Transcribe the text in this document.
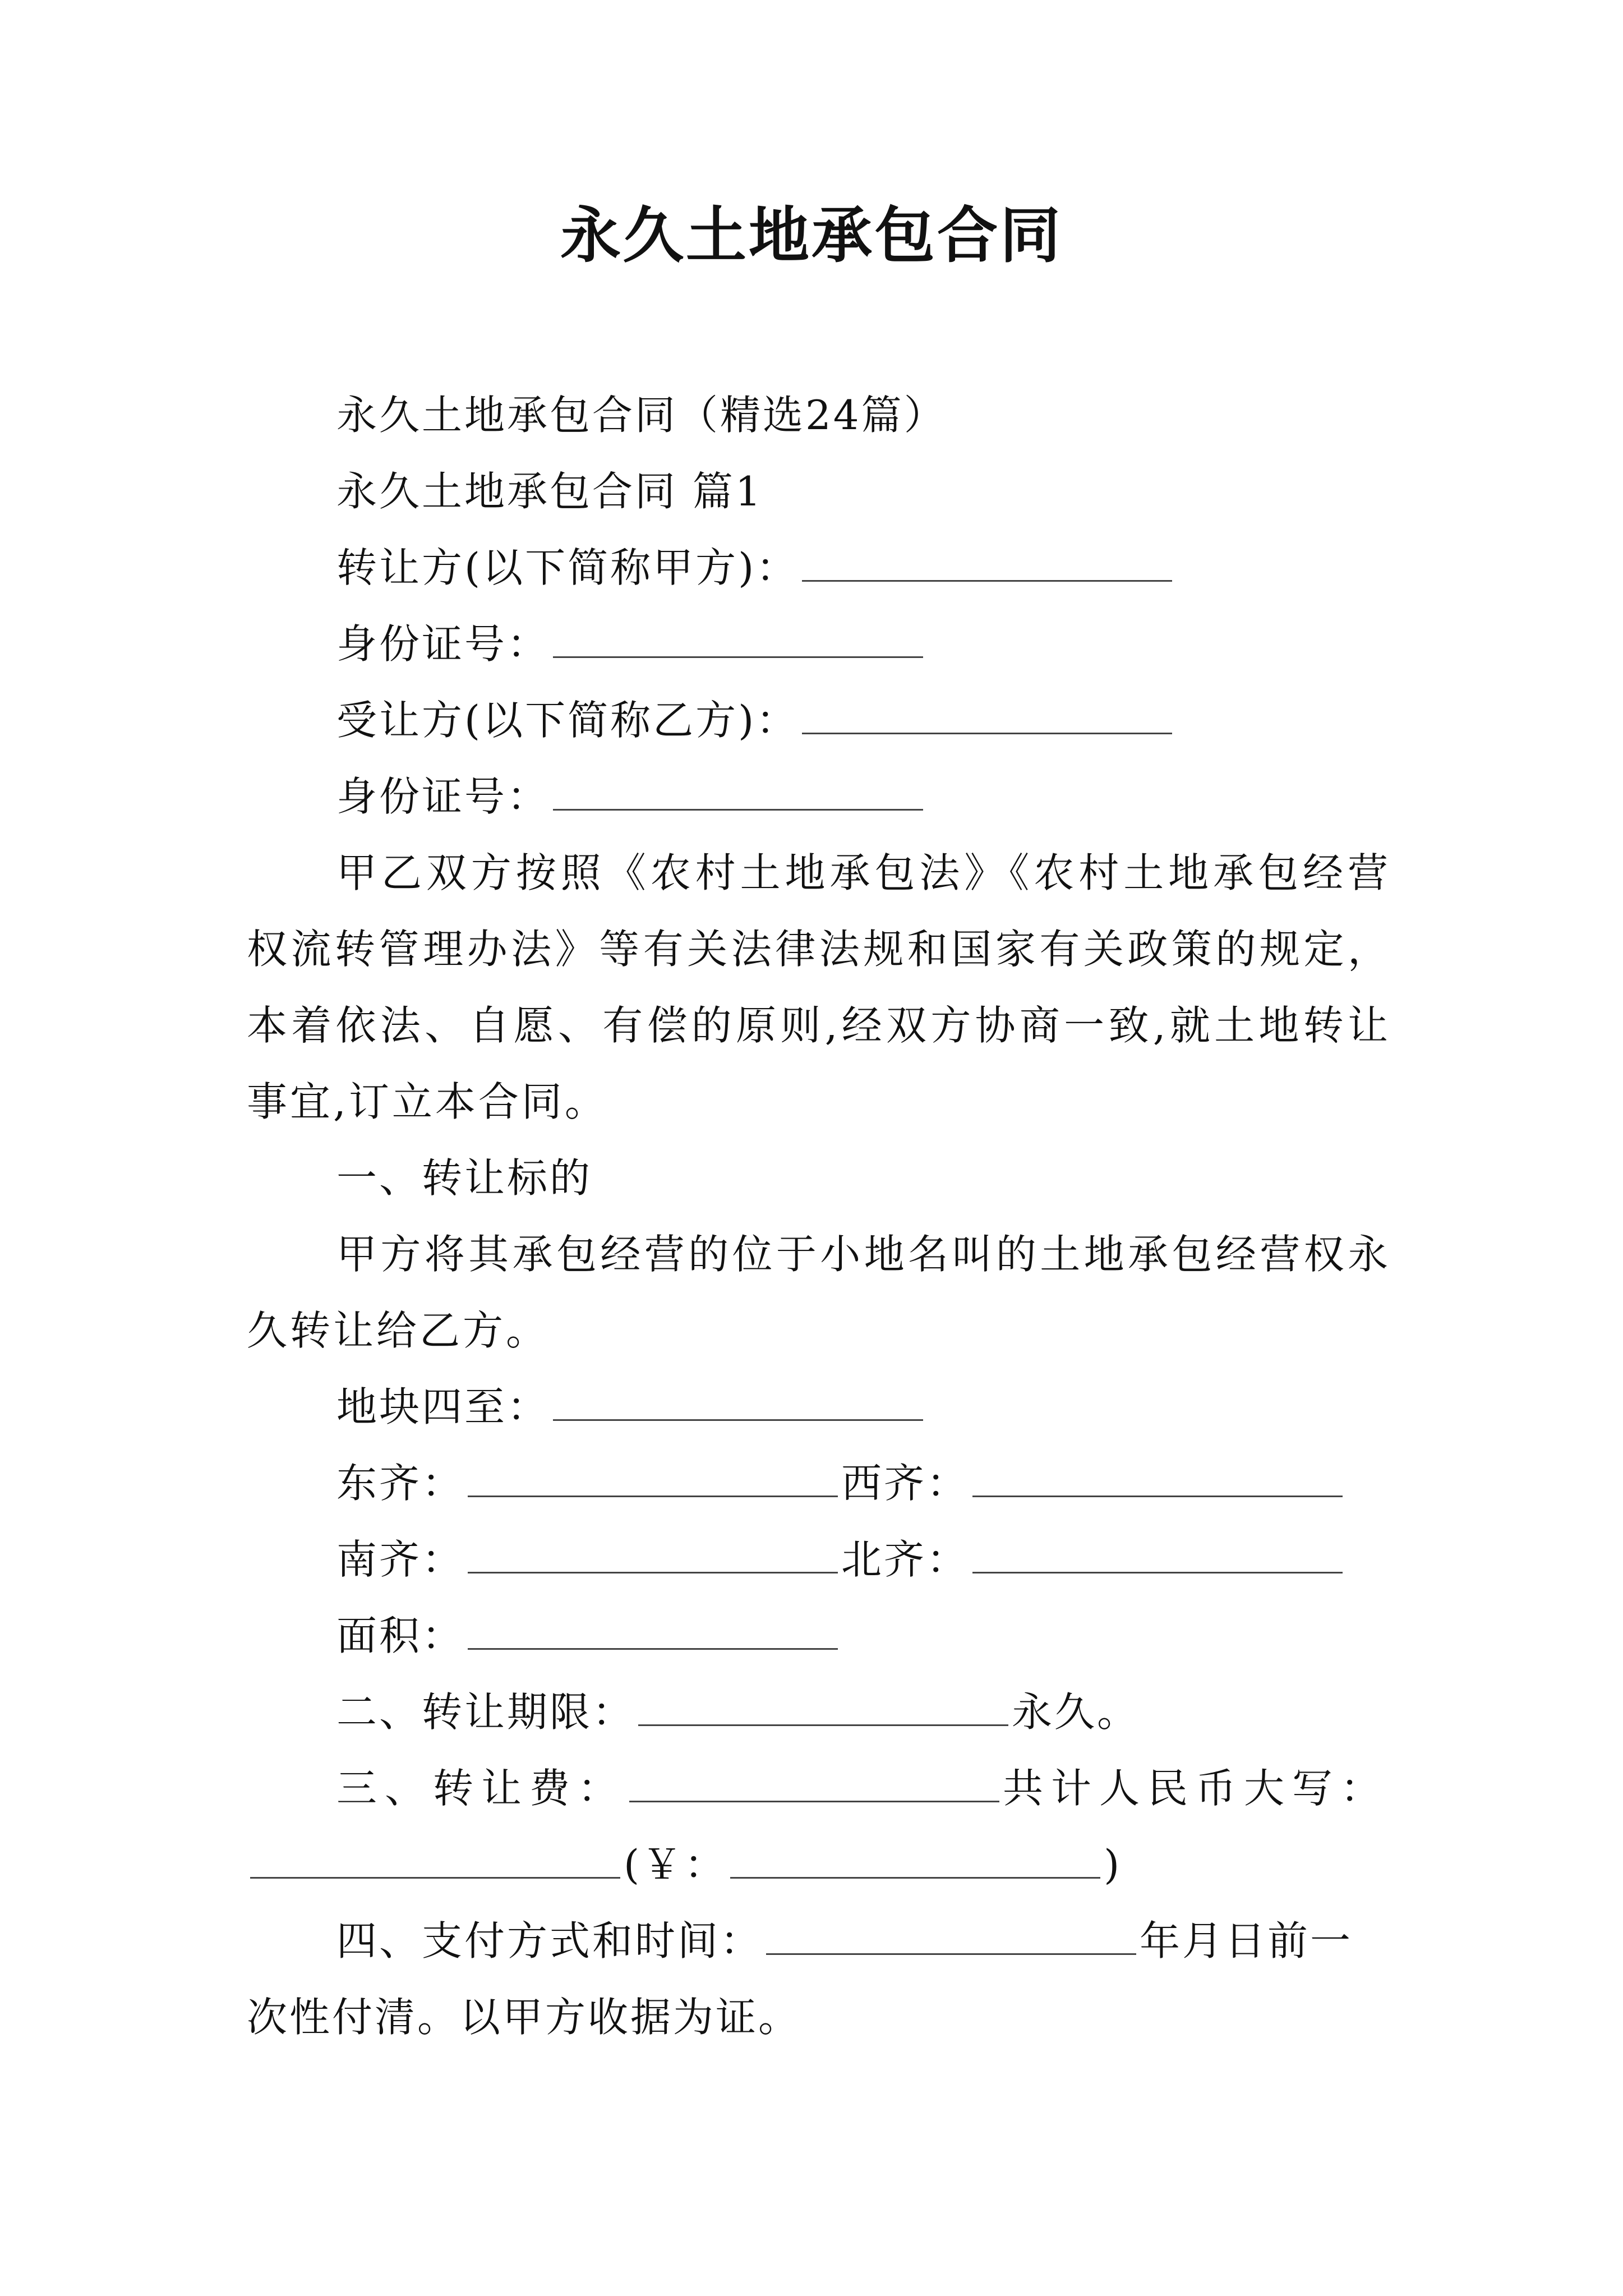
永久土地承包合同
永久土地承包合同（精选24篇）
永久土地承包合同 篇1
转让方(以下简称甲方)：
身份证号：
受让方(以下简称乙方)：
身份证号：
甲乙双方按照《农村土地承包法》《农村土地承包经营权流转管理办法》等有关法律法规和国家有关政策的规定，本着依法、自愿、有偿的原则,经双方协商一致,就土地转让事宜,订立本合同。
一、转让标的
甲方将其承包经营的位于小地名叫的土地承包经营权永久转让给乙方。
地块四至：
东齐：	西齐：
南齐：	北齐：
面积：
二、转让期限：	永久。
三、转让费：	共计人民币大写：
(￥：	)
四、支付方式和时间：	年月日前一
次性付清。以甲方收据为证。
